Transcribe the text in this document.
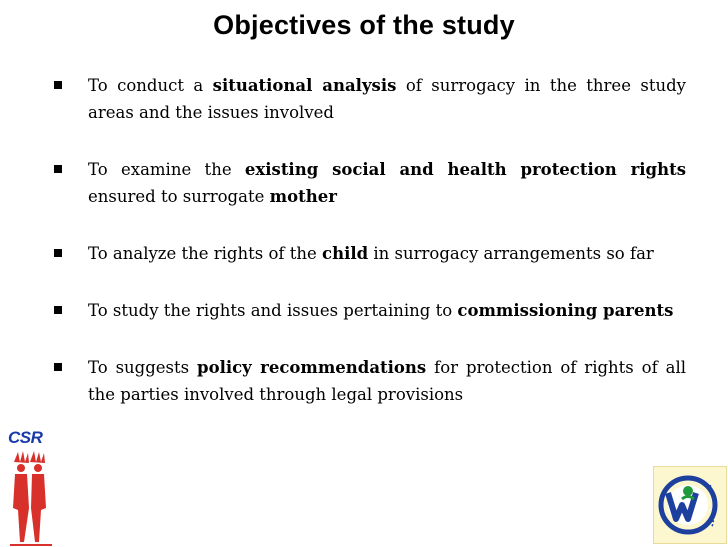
Objectives of the study
To conduct a situational analysis of surrogacy in the three study areas and the issues involved
To examine the existing social and health protection rights ensured to surrogate mother
To analyze the rights of the child in surrogacy arrangements so far
To study the rights and issues pertaining to commissioning parents
To suggests policy recommendations for protection of rights of all the parties involved through legal provisions
CSR
